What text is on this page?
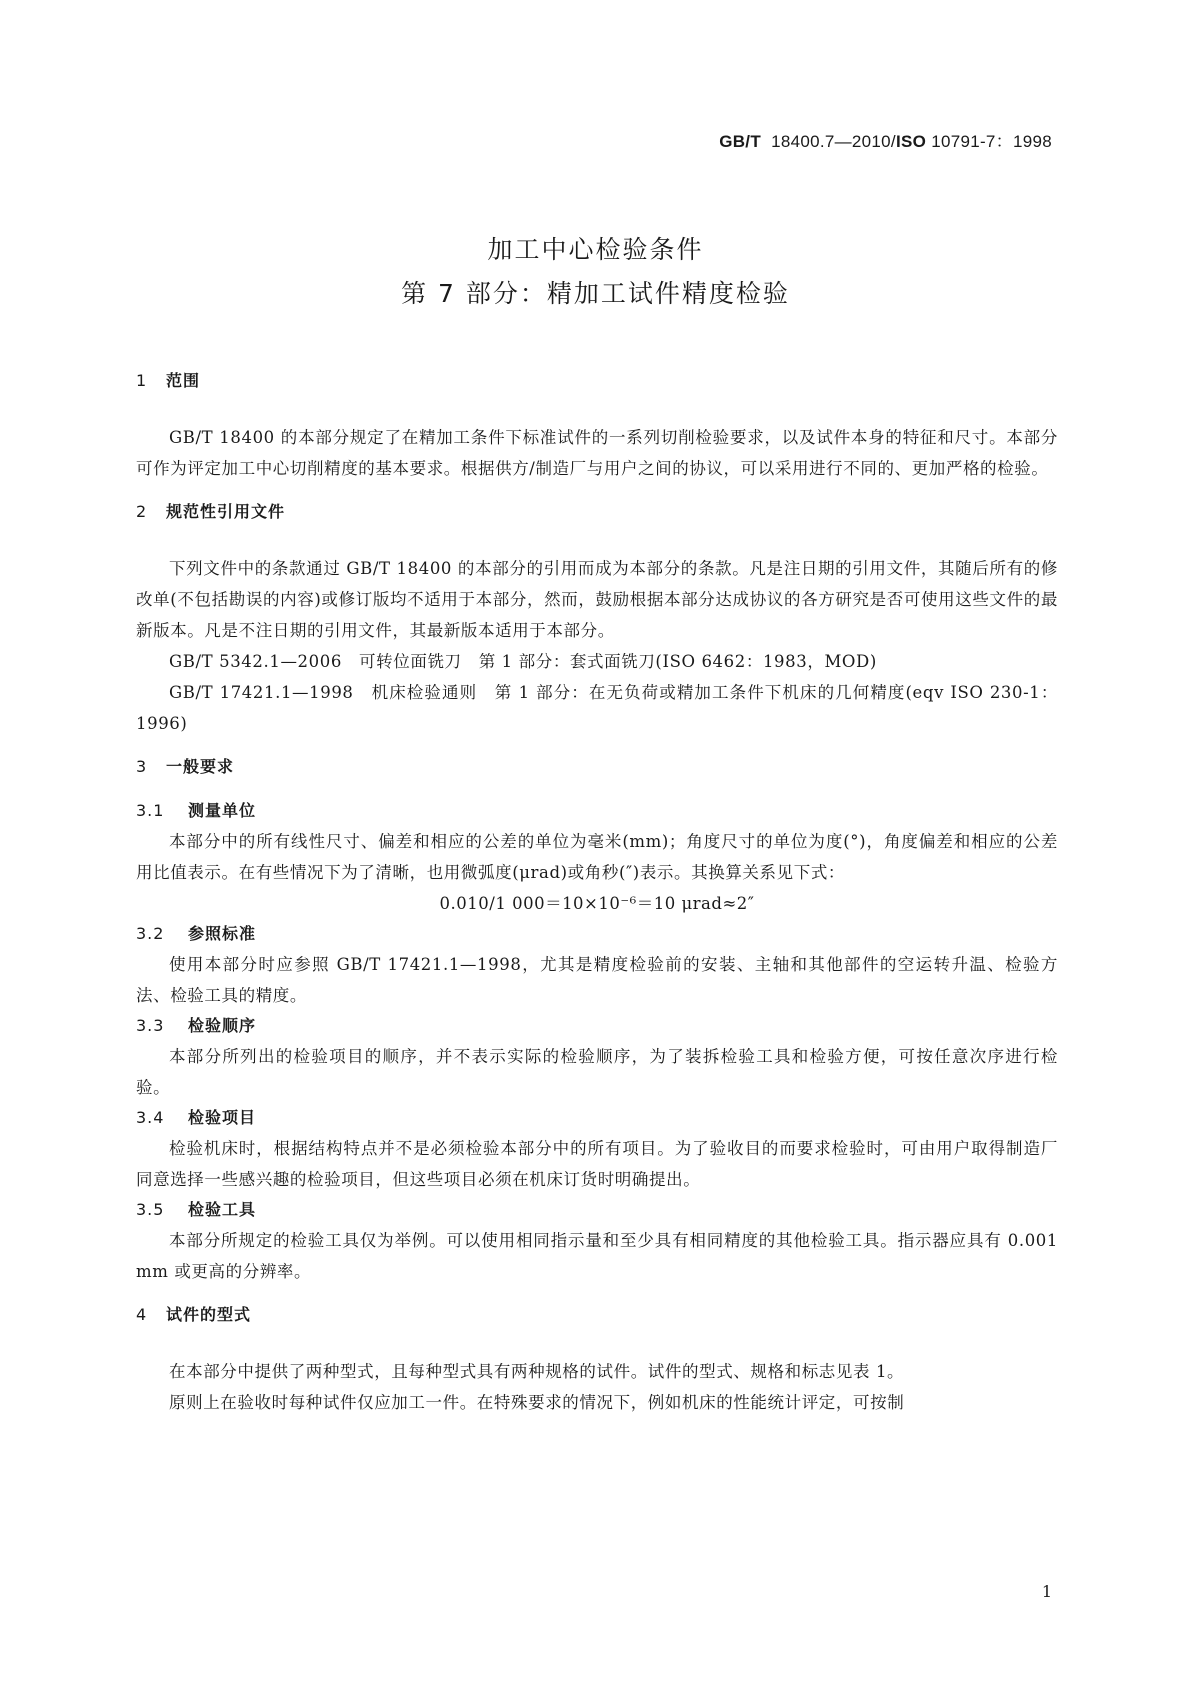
GB/T 18400.7—2010/ISO 10791-7：1998
加工中心检验条件
第 7 部分：精加工试件精度检验
1 范围

GB/T 18400 的本部分规定了在精加工条件下标准试件的一系列切削检验要求，以及试件本身的特征和尺寸。本部分可作为评定加工中心切削精度的基本要求。根据供方/制造厂与用户之间的协议，可以采用进行不同的、更加严格的检验。

2 规范性引用文件

下列文件中的条款通过 GB/T 18400 的本部分的引用而成为本部分的条款。凡是注日期的引用文件，其随后所有的修改单(不包括勘误的内容)或修订版均不适用于本部分，然而，鼓励根据本部分达成协议的各方研究是否可使用这些文件的最新版本。凡是不注日期的引用文件，其最新版本适用于本部分。

GB/T 5342.1—2006　可转位面铣刀　第 1 部分：套式面铣刀(ISO 6462：1983，MOD)

GB/T 17421.1—1998　机床检验通则　第 1 部分：在无负荷或精加工条件下机床的几何精度(eqv ISO 230-1：1996)

3 一般要求
3.1 测量单位

本部分中的所有线性尺寸、偏差和相应的公差的单位为毫米(mm)；角度尺寸的单位为度(°)，角度偏差和相应的公差用比值表示。在有些情况下为了清晰，也用微弧度(μrad)或角秒(″)表示。其换算关系见下式：

0.010/1 000＝10×10⁻⁶＝10 μrad≈2″
3.2 参照标准

使用本部分时应参照 GB/T 17421.1—1998，尤其是精度检验前的安装、主轴和其他部件的空运转升温、检验方法、检验工具的精度。

3.3 检验顺序

本部分所列出的检验项目的顺序，并不表示实际的检验顺序，为了装拆检验工具和检验方便，可按任意次序进行检验。

3.4 检验项目

检验机床时，根据结构特点并不是必须检验本部分中的所有项目。为了验收目的而要求检验时，可由用户取得制造厂同意选择一些感兴趣的检验项目，但这些项目必须在机床订货时明确提出。

3.5 检验工具

本部分所规定的检验工具仅为举例。可以使用相同指示量和至少具有相同精度的其他检验工具。指示器应具有 0.001 mm 或更高的分辨率。

4 试件的型式

在本部分中提供了两种型式，且每种型式具有两种规格的试件。试件的型式、规格和标志见表 1。

原则上在验收时每种试件仅应加工一件。在特殊要求的情况下，例如机床的性能统计评定，可按制

1
